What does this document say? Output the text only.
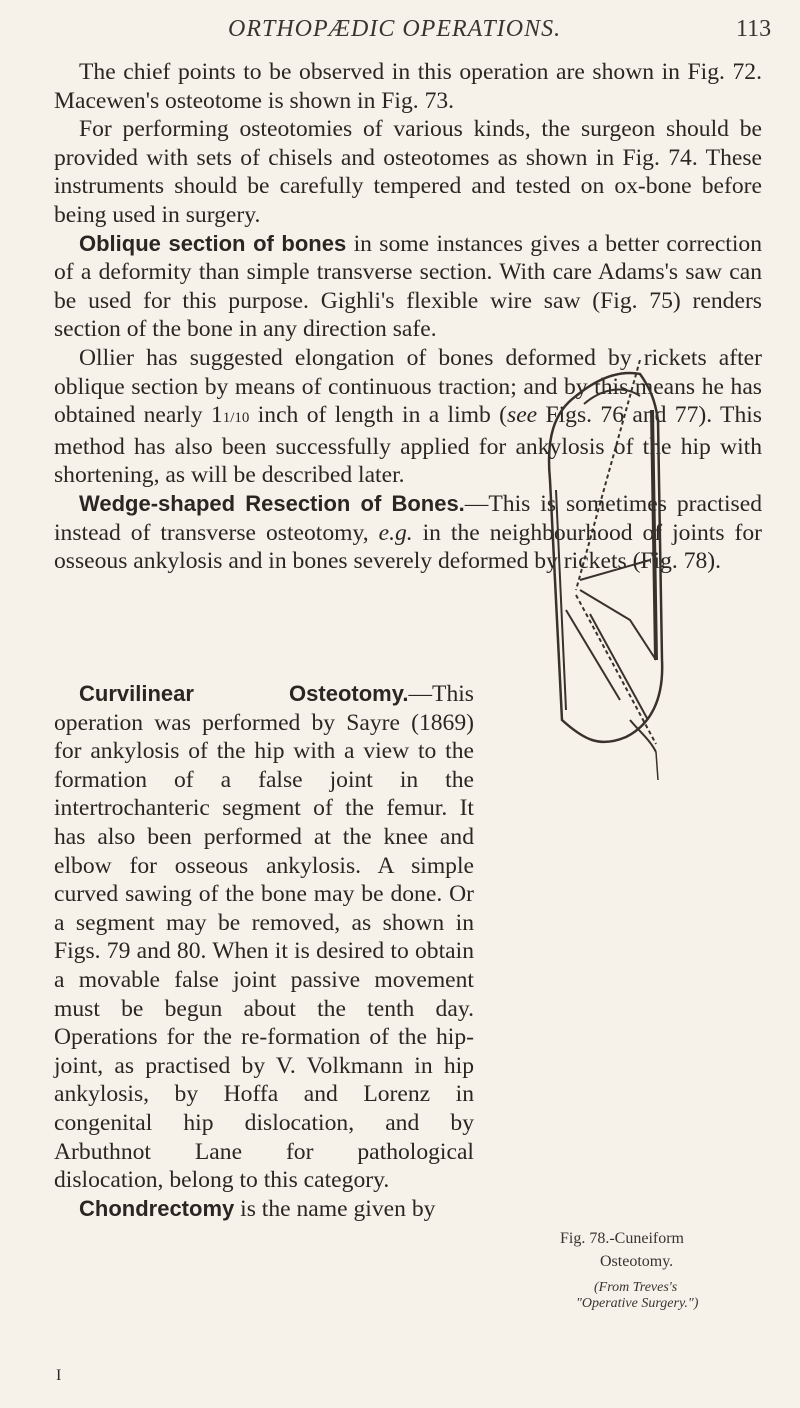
ORTHOPÆDIC OPERATIONS.	113

The chief points to be observed in this operation are shown in Fig. 72. Macewen's osteotome is shown in Fig. 73.

For performing osteotomies of various kinds, the surgeon should be provided with sets of chisels and osteotomes as shown in Fig. 74. These instruments should be carefully tempered and tested on ox-bone before being used in surgery.

Oblique section of bones in some instances gives a better correction of a deformity than simple transverse section. With care Adams's saw can be used for this purpose. Gighli's flexible wire saw (Fig. 75) renders section of the bone in any direction safe.

Ollier has suggested elongation of bones deformed by rickets after oblique section by means of continuous traction; and by this means he has obtained nearly 11/10 inch of length in a limb (see Figs. 76 and 77). This method has also been successfully applied for ankylosis of the hip with shortening, as will be described later.

Wedge-shaped Resection of Bones.—This is sometimes practised instead of transverse osteotomy, e.g. in the neighbourhood of joints for osseous ankylosis and in bones severely deformed by rickets (Fig. 78).

Curvilinear Osteotomy.—This operation was performed by Sayre (1869) for ankylosis of the hip with a view to the formation of a false joint in the intertrochanteric segment of the femur. It has also been performed at the knee and elbow for osseous ankylosis. A simple curved sawing of the bone may be done. Or a segment may be removed, as shown in Figs. 79 and 80. When it is desired to obtain a movable false joint passive movement must be begun about the tenth day. Operations for the re-formation of the hip-joint, as practised by V. Volkmann in hip ankylosis, by Hoffa and Lorenz in congenital hip dislocation, and by Arbuthnot Lane for pathological dislocation, belong to this category.

Chondrectomy is the name given by

Fig. 78.-Cuneiform
Osteotomy.
(From Treves's
"Operative Surgery.")
I
